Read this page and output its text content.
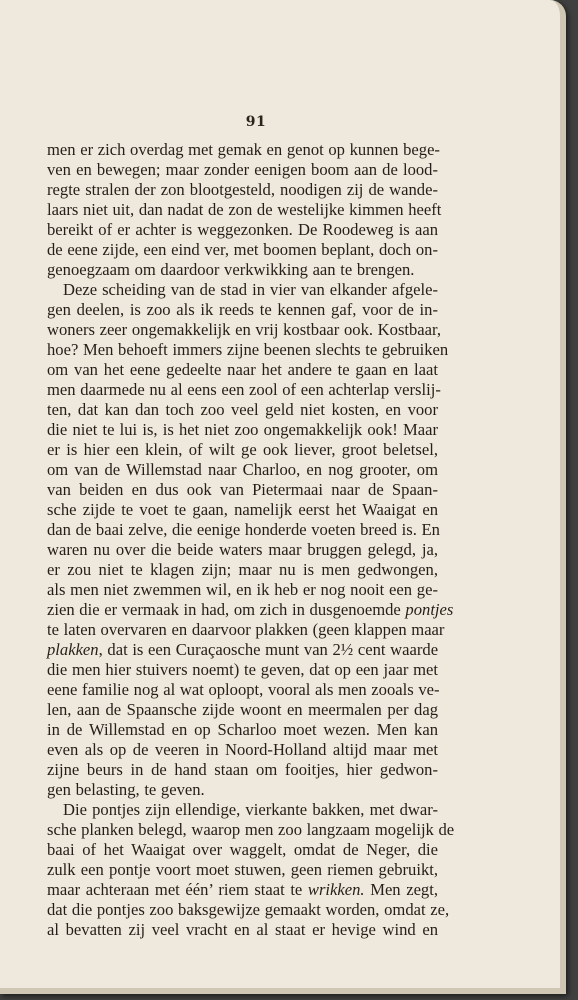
91
men er zich overdag met gemak en genot op kunnen bege-
ven en bewegen; maar zonder eenigen boom aan de lood-
regte stralen der zon blootgesteld, noodigen zij de wande-
laars niet uit, dan nadat de zon de westelijke kimmen heeft
bereikt of er achter is weggezonken. De Roodeweg is aan
de eene zijde, een eind ver, met boomen beplant, doch on-
genoegzaam om daardoor verkwikking aan te brengen.
Deze scheiding van de stad in vier van elkander afgele-
gen deelen, is zoo als ik reeds te kennen gaf, voor de in-
woners zeer ongemakkelijk en vrij kostbaar ook. Kostbaar,
hoe? Men behoeft immers zijne beenen slechts te gebruiken
om van het eene gedeelte naar het andere te gaan en laat
men daarmede nu al eens een zool of een achterlap verslij-
ten, dat kan dan toch zoo veel geld niet kosten, en voor
die niet te lui is, is het niet zoo ongemakkelijk ook! Maar
er is hier een klein, of wilt ge ook liever, groot beletsel,
om van de Willemstad naar Charloo, en nog grooter, om
van beiden en dus ook van Pietermaai naar de Spaan-
sche zijde te voet te gaan, namelijk eerst het Waaigat en
dan de baai zelve, die eenige honderde voeten breed is. En
waren nu over die beide waters maar bruggen gelegd, ja,
er zou niet te klagen zijn; maar nu is men gedwongen,
als men niet zwemmen wil, en ik heb er nog nooit een ge-
zien die er vermaak in had, om zich in dusgenoemde pontjes
te laten overvaren en daarvoor plakken (geen klappen maar
plakken, dat is een Curaçaosche munt van 2½ cent waarde
die men hier stuivers noemt) te geven, dat op een jaar met
eene familie nog al wat oploopt, vooral als men zooals ve-
len, aan de Spaansche zijde woont en meermalen per dag
in de Willemstad en op Scharloo moet wezen. Men kan
even als op de veeren in Noord-Holland altijd maar met
zijne beurs in de hand staan om fooitjes, hier gedwon-
gen belasting, te geven.
Die pontjes zijn ellendige, vierkante bakken, met dwar-
sche planken belegd, waarop men zoo langzaam mogelijk de
baai of het Waaigat over waggelt, omdat de Neger, die
zulk een pontje voort moet stuwen, geen riemen gebruikt,
maar achteraan met één’ riem staat te wrikken. Men zegt,
dat die pontjes zoo baksgewijze gemaakt worden, omdat ze,
al bevatten zij veel vracht en al staat er hevige wind en
